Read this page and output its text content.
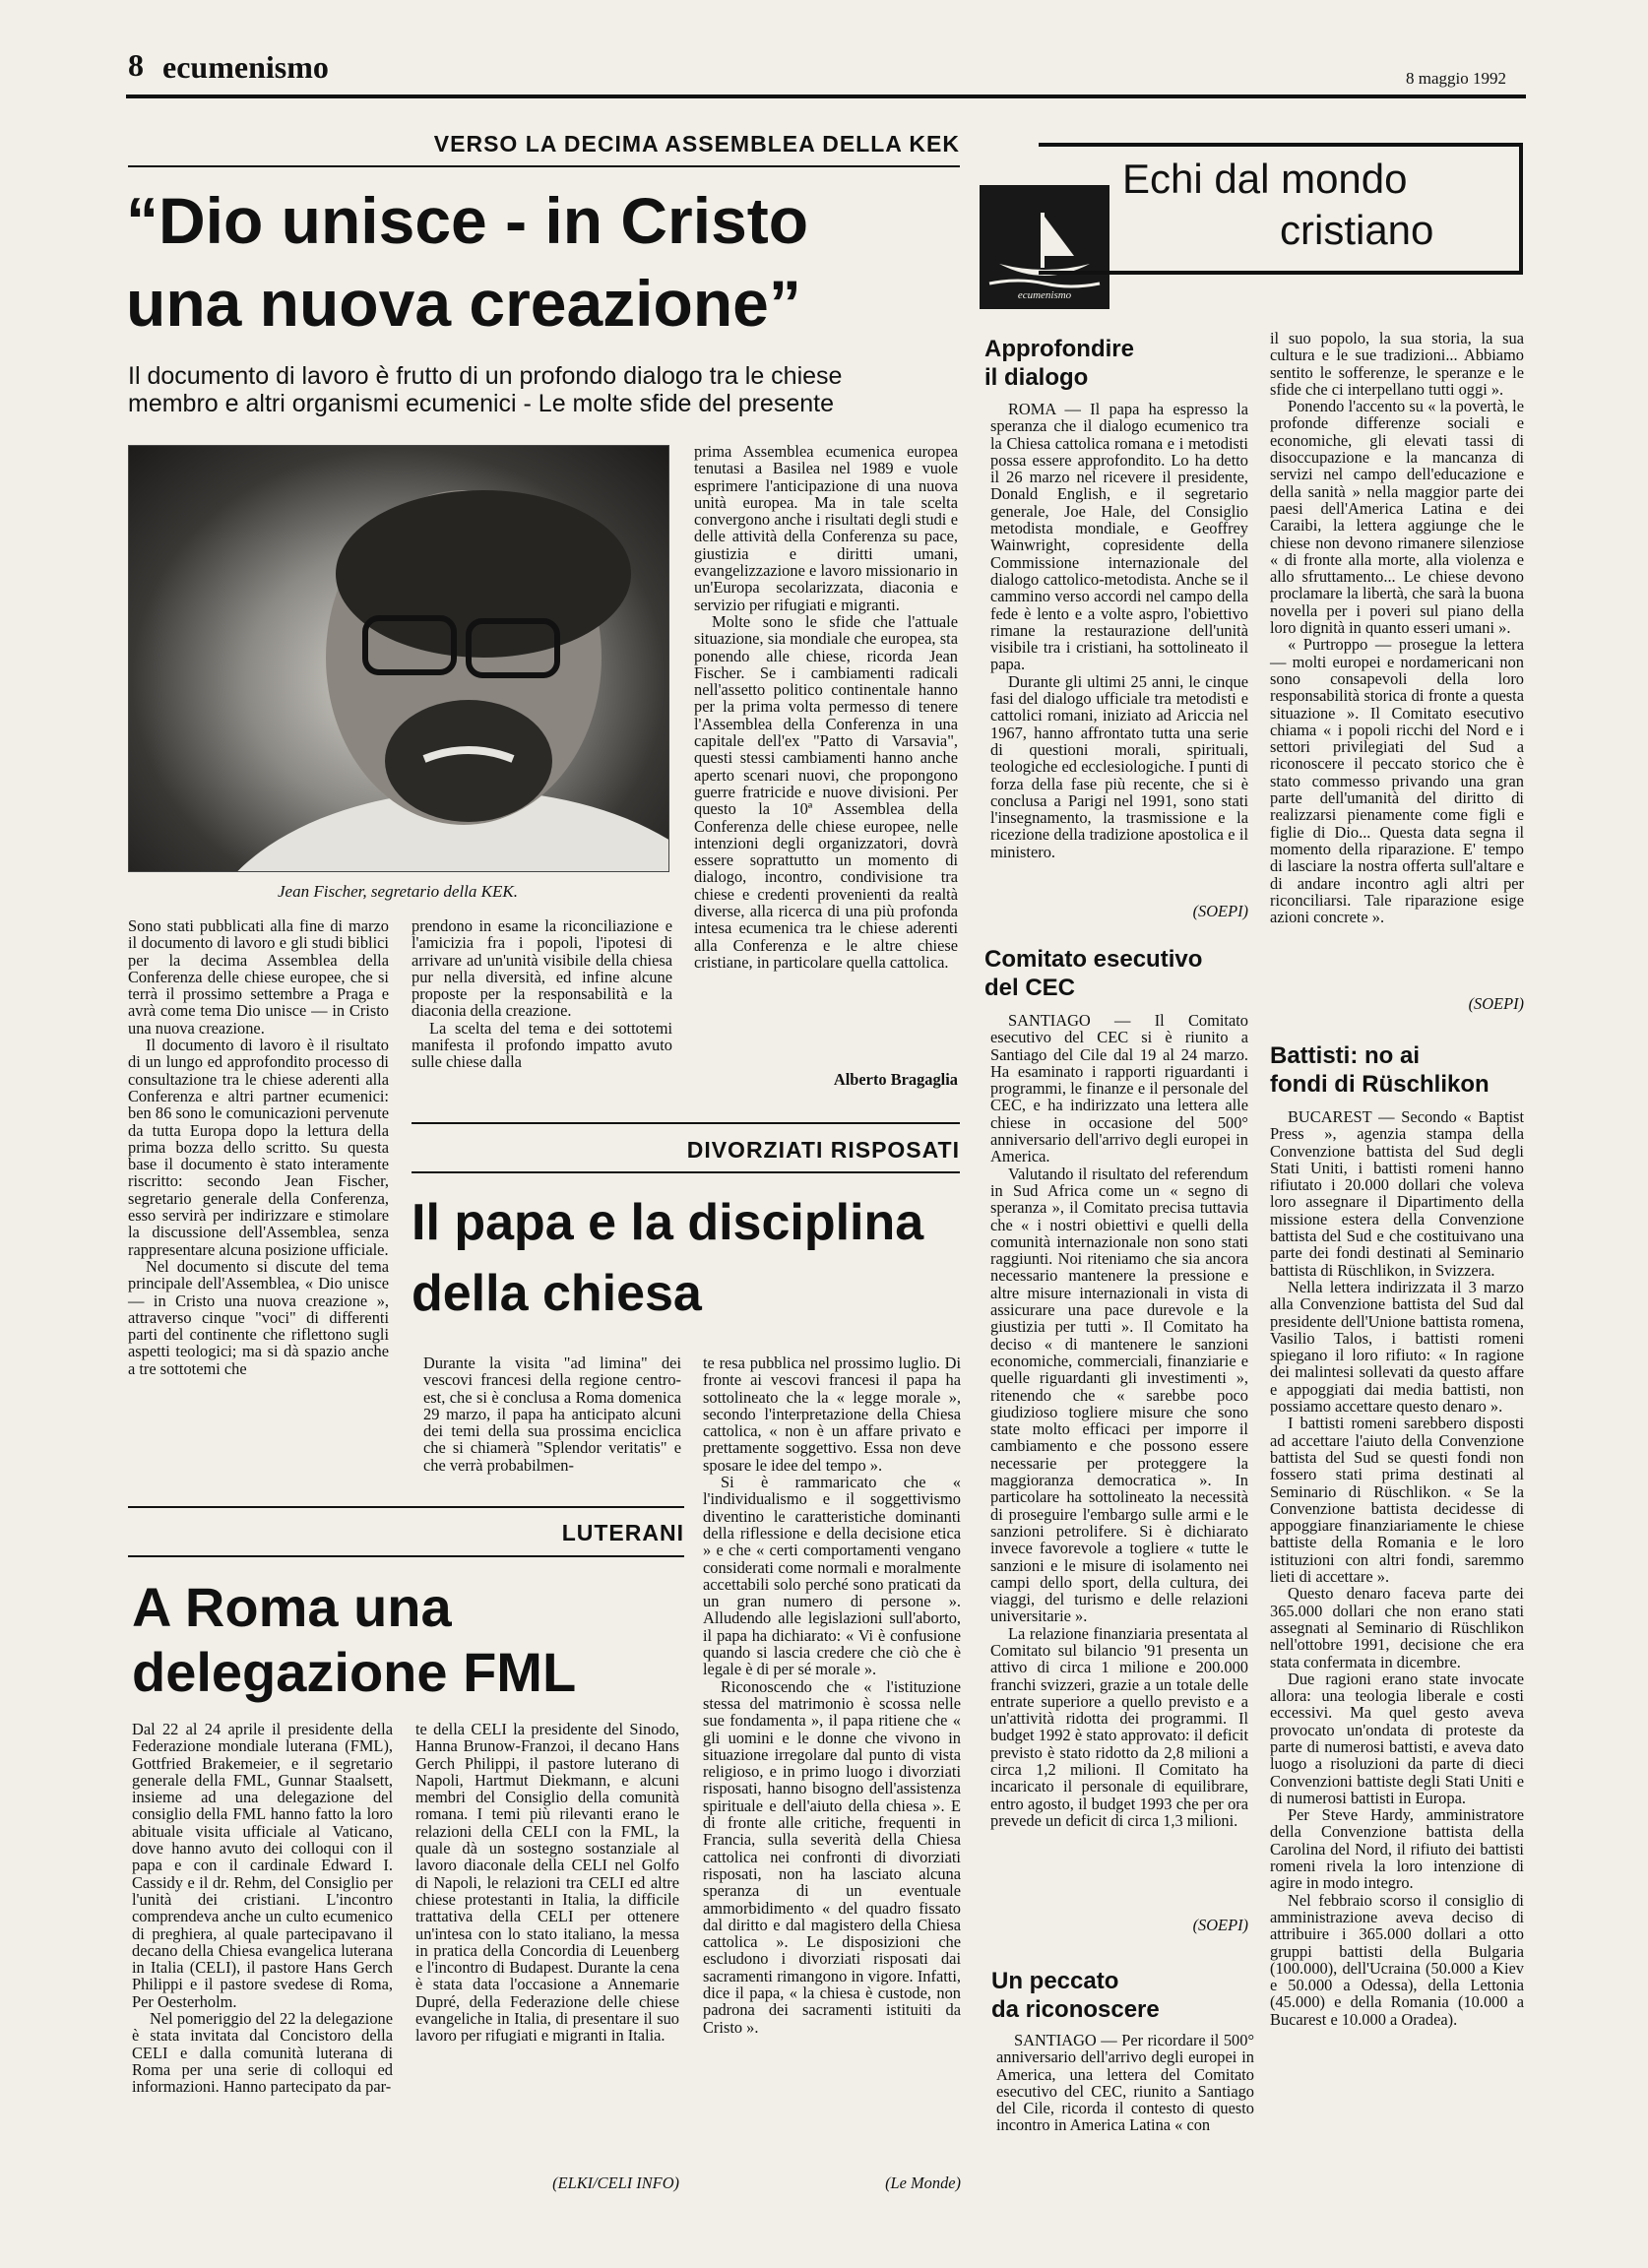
8 ecumenismo	8 maggio 1992
VERSO LA DECIMA ASSEMBLEA DELLA KEK
“Dio unisce - in Cristo
una nuova creazione”
Il documento di lavoro è frutto di un profondo dialogo tra le chiese
membro e altri organismi ecumenici - Le molte sfide del presente
Jean Fischer, segretario della KEK.

Sono stati pubblicati alla fine di marzo il documento di lavoro e gli studi biblici per la decima Assemblea della Conferenza delle chiese europee, che si terrà il prossimo settembre a Praga e avrà come tema Dio unisce — in Cristo una nuova creazione.

Il documento di lavoro è il risultato di un lungo ed approfondito processo di consultazione tra le chiese aderenti alla Conferenza e altri partner ecumenici: ben 86 sono le comunicazioni pervenute da tutta Europa dopo la lettura della prima bozza dello scritto. Su questa base il documento è stato interamente riscritto: secondo Jean Fischer, segretario generale della Conferenza, esso servirà per indirizzare e stimolare la discussione dell'Assemblea, senza rappresentare alcuna posizione ufficiale.

Nel documento si discute del tema principale dell'Assemblea, « Dio unisce — in Cristo una nuova creazione », attraverso cinque "voci" di differenti parti del continente che riflettono sugli aspetti teologici; ma si dà spazio anche a tre sottotemi che

prendono in esame la riconciliazione e l'amicizia fra i popoli, l'ipotesi di arrivare ad un'unità visibile della chiesa pur nella diversità, ed infine alcune proposte per la responsabilità e la diaconia della creazione.

La scelta del tema e dei sottotemi manifesta il profondo impatto avuto sulle chiese dalla

prima Assemblea ecumenica europea tenutasi a Basilea nel 1989 e vuole esprimere l'anticipazione di una nuova unità europea. Ma in tale scelta convergono anche i risultati degli studi e delle attività della Conferenza su pace, giustizia e diritti umani, evangelizzazione e lavoro missionario in un'Europa secolarizzata, diaconia e servizio per rifugiati e migranti.

Molte sono le sfide che l'attuale situazione, sia mondiale che europea, sta ponendo alle chiese, ricorda Jean Fischer. Se i cambiamenti radicali nell'assetto politico continentale hanno per la prima volta permesso di tenere l'Assemblea della Conferenza in una capitale dell'ex "Patto di Varsavia", questi stessi cambiamenti hanno anche aperto scenari nuovi, che propongono guerre fratricide e nuove divisioni. Per questo la 10ª Assemblea della Conferenza delle chiese europee, nelle intenzioni degli organizzatori, dovrà essere soprattutto un momento di dialogo, incontro, condivisione tra chiese e credenti provenienti da realtà diverse, alla ricerca di una più profonda intesa ecumenica tra le chiese aderenti alla Conferenza e le altre chiese cristiane, in particolare quella cattolica.

Alberto Bragaglia
DIVORZIATI RISPOSATI
Il papa e la disciplina
della chiesa

Durante la visita "ad limina" dei vescovi francesi della regione centro-est, che si è conclusa a Roma domenica 29 marzo, il papa ha anticipato alcuni dei temi della sua prossima enciclica che si chiamerà "Splendor veritatis" e che verrà probabilmen-

te resa pubblica nel prossimo luglio. Di fronte ai vescovi francesi il papa ha sottolineato che la « legge morale », secondo l'interpretazione della Chiesa cattolica, « non è un affare privato e prettamente soggettivo. Essa non deve sposare le idee del tempo ».

Si è rammaricato che « l'individualismo e il soggettivismo diventino le caratteristiche dominanti della riflessione e della decisione etica » e che « certi comportamenti vengano considerati come normali e moralmente accettabili solo perché sono praticati da un gran numero di persone ». Alludendo alle legislazioni sull'aborto, il papa ha dichiarato: « Vi è confusione quando si lascia credere che ciò che è legale è di per sé morale ».

Riconoscendo che « l'istituzione stessa del matrimonio è scossa nelle sue fondamenta », il papa ritiene che « gli uomini e le donne che vivono in situazione irregolare dal punto di vista religioso, e in primo luogo i divorziati risposati, hanno bisogno dell'assistenza spirituale e dell'aiuto della chiesa ». E di fronte alle critiche, frequenti in Francia, sulla severità della Chiesa cattolica nei confronti di divorziati risposati, non ha lasciato alcuna speranza di un eventuale ammorbidimento « del quadro fissato dal diritto e dal magistero della Chiesa cattolica ». Le disposizioni che escludono i divorziati risposati dai sacramenti rimangono in vigore. Infatti, dice il papa, « la chiesa è custode, non padrona dei sacramenti istituiti da Cristo ».

(Le Monde)
LUTERANI
A Roma una
delegazione FML

Dal 22 al 24 aprile il presidente della Federazione mondiale luterana (FML), Gottfried Brakemeier, e il segretario generale della FML, Gunnar Staalsett, insieme ad una delegazione del consiglio della FML hanno fatto la loro abituale visita ufficiale al Vaticano, dove hanno avuto dei colloqui con il papa e con il cardinale Edward I. Cassidy e il dr. Rehm, del Consiglio per l'unità dei cristiani. L'incontro comprendeva anche un culto ecumenico di preghiera, al quale partecipavano il decano della Chiesa evangelica luterana in Italia (CELI), il pastore Hans Gerch Philippi e il pastore svedese di Roma, Per Oesterholm.

Nel pomeriggio del 22 la delegazione è stata invitata dal Concistoro della CELI e dalla comunità luterana di Roma per una serie di colloqui ed informazioni. Hanno partecipato da par-

te della CELI la presidente del Sinodo, Hanna Brunow-Franzoi, il decano Hans Gerch Philippi, il pastore luterano di Napoli, Hartmut Diekmann, e alcuni membri del Consiglio della comunità romana. I temi più rilevanti erano le relazioni della CELI con la FML, la quale dà un sostegno sostanziale al lavoro diaconale della CELI nel Golfo di Napoli, le relazioni tra CELI ed altre chiese protestanti in Italia, la difficile trattativa della CELI per ottenere un'intesa con lo stato italiano, la messa in pratica della Concordia di Leuenberg e l'incontro di Budapest. Durante la cena è stata data l'occasione a Annemarie Dupré, della Federazione delle chiese evangeliche in Italia, di presentare il suo lavoro per rifugiati e migranti in Italia.

(ELKI/CELI INFO)
ecumenismo
Echi dal mondo
cristiano
Approfondire
il dialogo

ROMA — Il papa ha espresso la speranza che il dialogo ecumenico tra la Chiesa cattolica romana e i metodisti possa essere approfondito. Lo ha detto il 26 marzo nel ricevere il presidente, Donald English, e il segretario generale, Joe Hale, del Consiglio metodista mondiale, e Geoffrey Wainwright, copresidente della Commissione internazionale del dialogo cattolico-metodista. Anche se il cammino verso accordi nel campo della fede è lento e a volte aspro, l'obiettivo rimane la restaurazione dell'unità visibile tra i cristiani, ha sottolineato il papa.

Durante gli ultimi 25 anni, le cinque fasi del dialogo ufficiale tra metodisti e cattolici romani, iniziato ad Ariccia nel 1967, hanno affrontato tutta una serie di questioni morali, spirituali, teologiche ed ecclesiologiche. I punti di forza della fase più recente, che si è conclusa a Parigi nel 1991, sono stati l'insegnamento, la trasmissione e la ricezione della tradizione apostolica e il ministero.

(SOEPI)
Comitato esecutivo
del CEC

SANTIAGO — Il Comitato esecutivo del CEC si è riunito a Santiago del Cile dal 19 al 24 marzo. Ha esaminato i rapporti riguardanti i programmi, le finanze e il personale del CEC, e ha indirizzato una lettera alle chiese in occasione del 500° anniversario dell'arrivo degli europei in America.

Valutando il risultato del referendum in Sud Africa come un « segno di speranza », il Comitato precisa tuttavia che « i nostri obiettivi e quelli della comunità internazionale non sono stati raggiunti. Noi riteniamo che sia ancora necessario mantenere la pressione e altre misure internazionali in vista di assicurare una pace durevole e la giustizia per tutti ». Il Comitato ha deciso « di mantenere le sanzioni economiche, commerciali, finanziarie e quelle riguardanti gli investimenti », ritenendo che « sarebbe poco giudizioso togliere misure che sono state molto efficaci per imporre il cambiamento e che possono essere necessarie per proteggere la maggioranza democratica ». In particolare ha sottolineato la necessità di proseguire l'embargo sulle armi e le sanzioni petrolifere. Si è dichiarato invece favorevole a togliere « tutte le sanzioni e le misure di isolamento nei campi dello sport, della cultura, dei viaggi, del turismo e delle relazioni universitarie ».

La relazione finanziaria presentata al Comitato sul bilancio '91 presenta un attivo di circa 1 milione e 200.000 franchi svizzeri, grazie a un totale delle entrate superiore a quello previsto e a un'attività ridotta dei programmi. Il budget 1992 è stato approvato: il deficit previsto è stato ridotto da 2,8 milioni a circa 1,2 milioni. Il Comitato ha incaricato il personale di equilibrare, entro agosto, il budget 1993 che per ora prevede un deficit di circa 1,3 milioni.

(SOEPI)
Un peccato
da riconoscere

SANTIAGO — Per ricordare il 500° anniversario dell'arrivo degli europei in America, una lettera del Comitato esecutivo del CEC, riunito a Santiago del Cile, ricorda il contesto di questo incontro in America Latina « con

il suo popolo, la sua storia, la sua cultura e le sue tradizioni... Abbiamo sentito le sofferenze, le speranze e le sfide che ci interpellano tutti oggi ».

Ponendo l'accento su « la povertà, le profonde differenze sociali e economiche, gli elevati tassi di disoccupazione e la mancanza di servizi nel campo dell'educazione e della sanità » nella maggior parte dei paesi dell'America Latina e dei Caraibi, la lettera aggiunge che le chiese non devono rimanere silenziose « di fronte alla morte, alla violenza e allo sfruttamento... Le chiese devono proclamare la libertà, che sarà la buona novella per i poveri sul piano della loro dignità in quanto esseri umani ».

« Purtroppo — prosegue la lettera — molti europei e nordamericani non sono consapevoli della loro responsabilità storica di fronte a questa situazione ». Il Comitato esecutivo chiama « i popoli ricchi del Nord e i settori privilegiati del Sud a riconoscere il peccato storico che è stato commesso privando una gran parte dell'umanità del diritto di realizzarsi pienamente come figli e figlie di Dio... Questa data segna il momento della riparazione. E' tempo di lasciare la nostra offerta sull'altare e di andare incontro agli altri per riconciliarsi. Tale riparazione esige azioni concrete ».

(SOEPI)
Battisti: no ai
fondi di Rüschlikon

BUCAREST — Secondo « Baptist Press », agenzia stampa della Convenzione battista del Sud degli Stati Uniti, i battisti romeni hanno rifiutato i 20.000 dollari che voleva loro assegnare il Dipartimento della missione estera della Convenzione battista del Sud e che costituivano una parte dei fondi destinati al Seminario battista di Rüschlikon, in Svizzera.

Nella lettera indirizzata il 3 marzo alla Convenzione battista del Sud dal presidente dell'Unione battista romena, Vasilio Talos, i battisti romeni spiegano il loro rifiuto: « In ragione dei malintesi sollevati da questo affare e appoggiati dai media battisti, non possiamo accettare questo denaro ».

I battisti romeni sarebbero disposti ad accettare l'aiuto della Convenzione battista del Sud se questi fondi non fossero stati prima destinati al Seminario di Rüschlikon. « Se la Convenzione battista decidesse di appoggiare finanziariamente le chiese battiste della Romania e le loro istituzioni con altri fondi, saremmo lieti di accettare ».

Questo denaro faceva parte dei 365.000 dollari che non erano stati assegnati al Seminario di Rüschlikon nell'ottobre 1991, decisione che era stata confermata in dicembre.

Due ragioni erano state invocate allora: una teologia liberale e costi eccessivi. Ma quel gesto aveva provocato un'ondata di proteste da parte di numerosi battisti, e aveva dato luogo a risoluzioni da parte di dieci Convenzioni battiste degli Stati Uniti e di numerosi battisti in Europa.

Per Steve Hardy, amministratore della Convenzione battista della Carolina del Nord, il rifiuto dei battisti romeni rivela la loro intenzione di agire in modo integro.

Nel febbraio scorso il consiglio di amministrazione aveva deciso di attribuire i 365.000 dollari a otto gruppi battisti della Bulgaria (100.000), dell'Ucraina (50.000 a Kiev e 50.000 a Odessa), della Lettonia (45.000) e della Romania (10.000 a Bucarest e 10.000 a Oradea).
